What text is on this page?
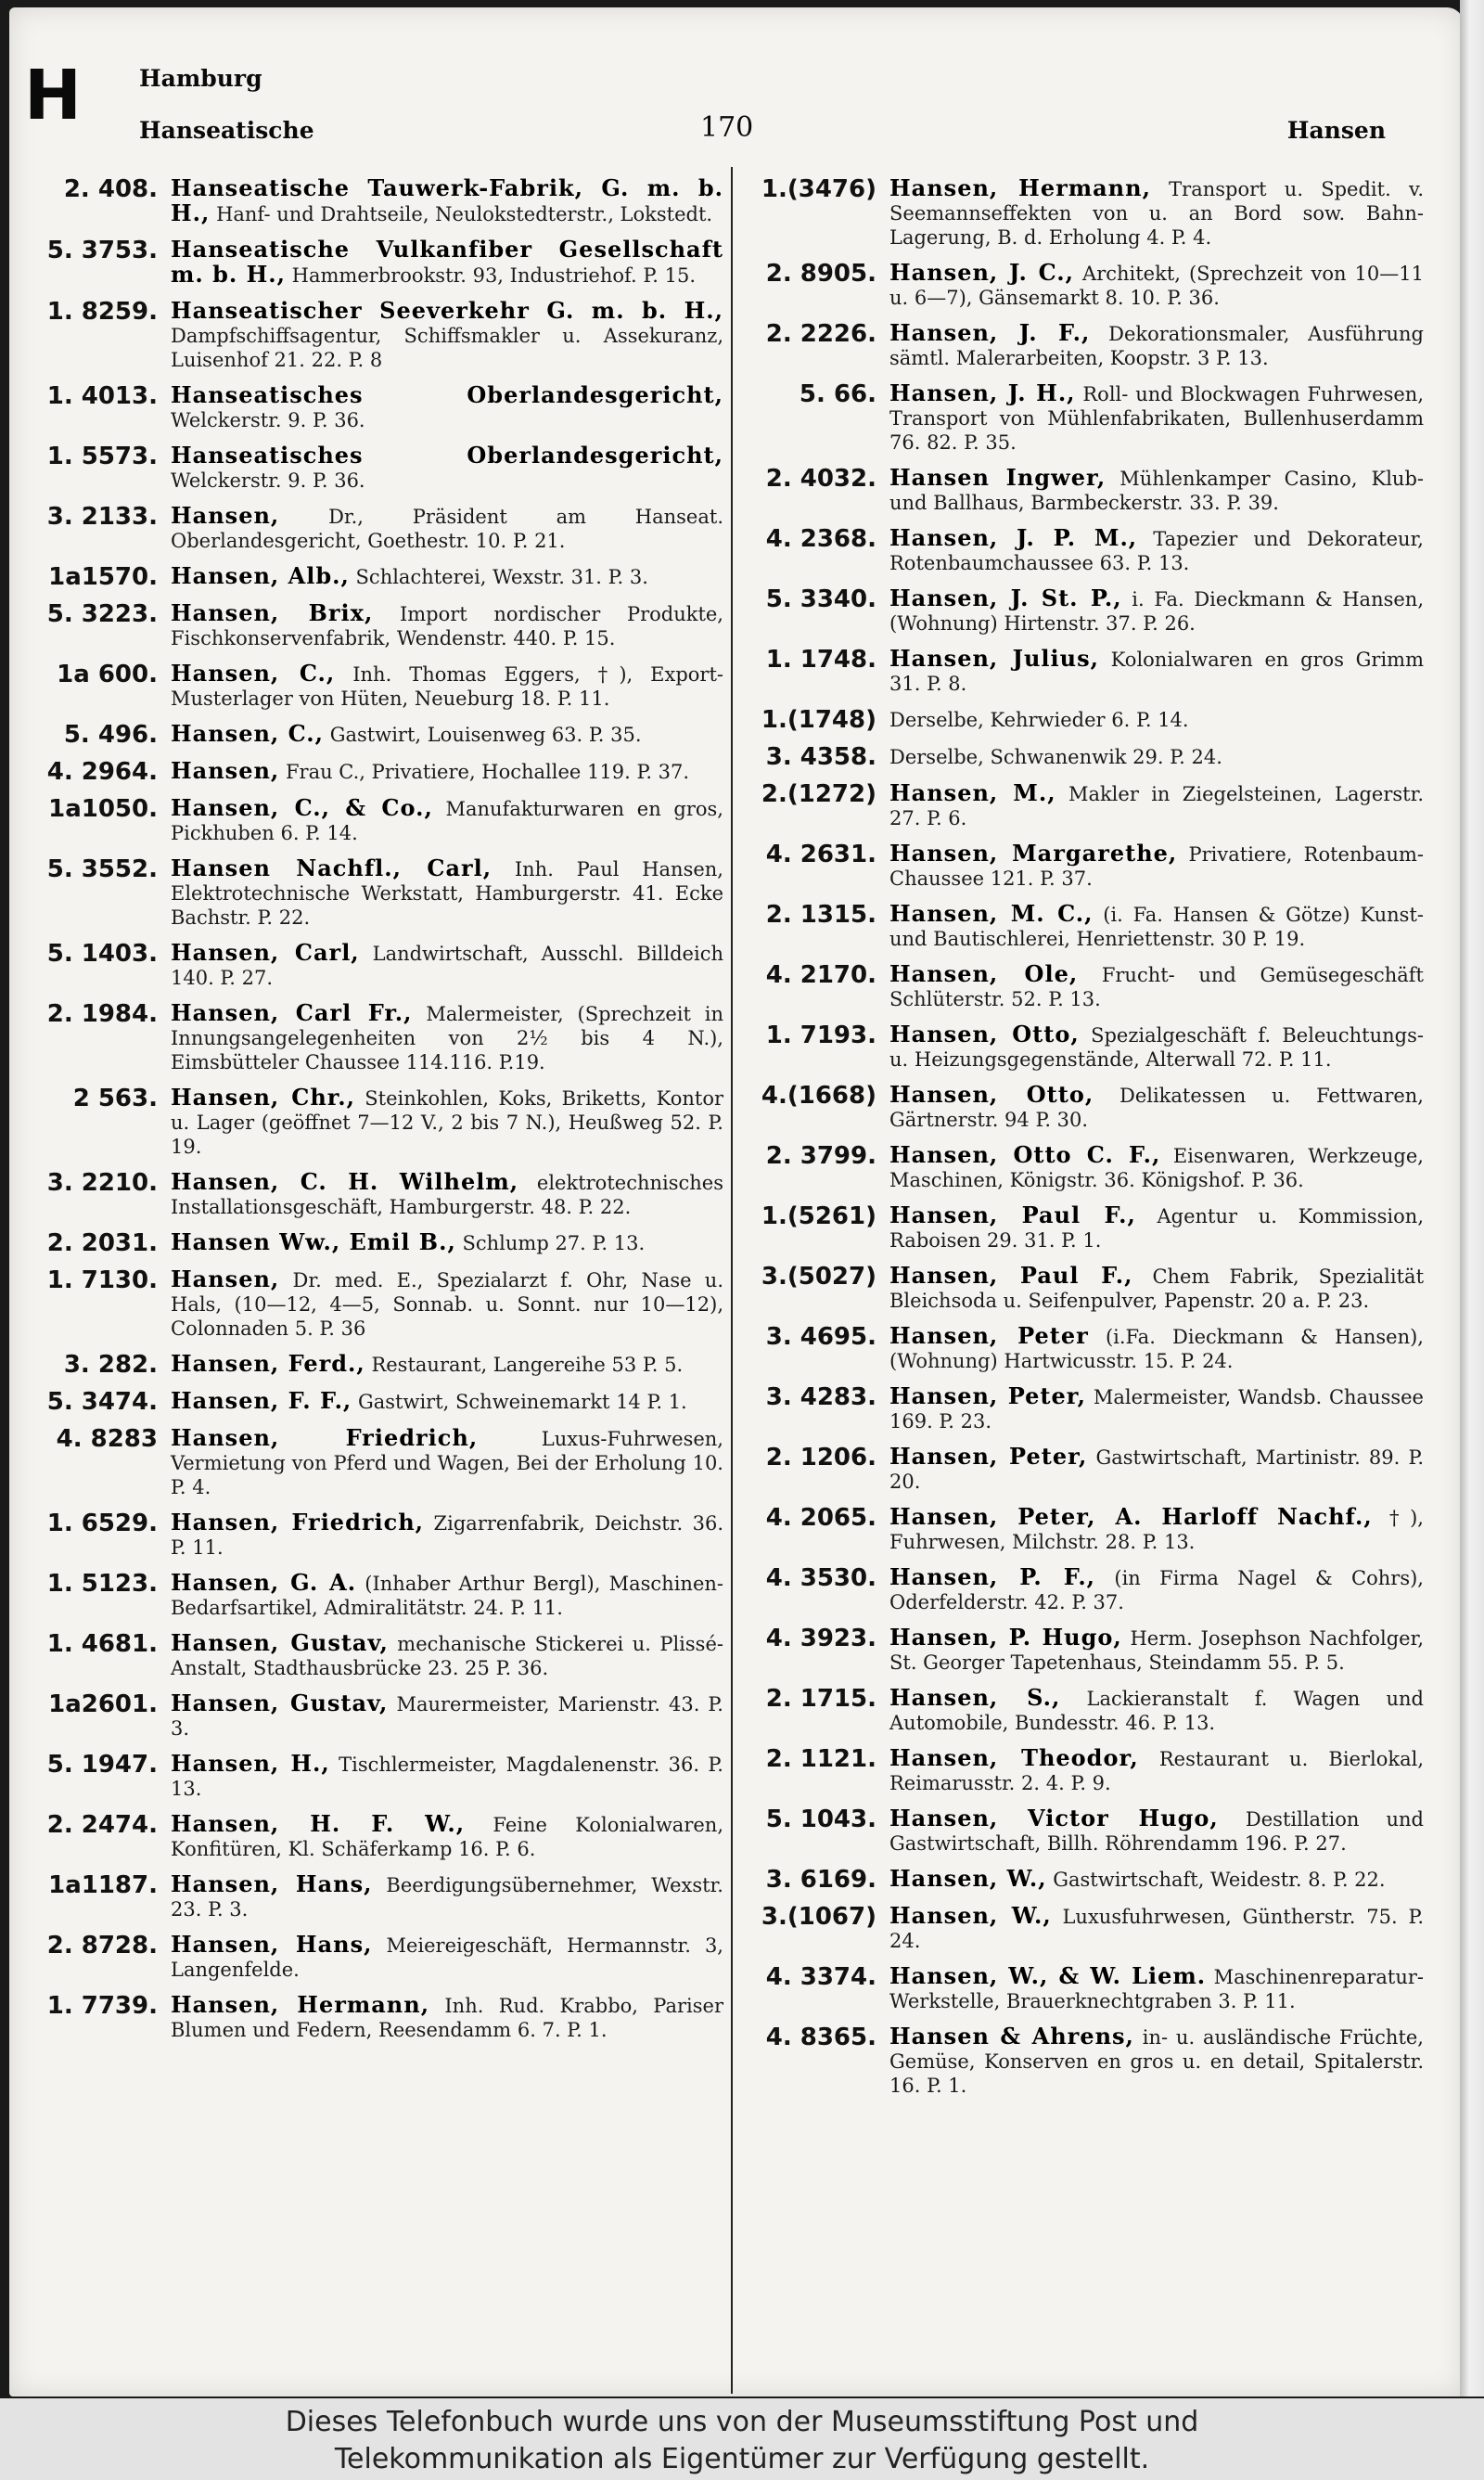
H Hamburg
Hanseatische	170	Hansen
2. 408. Hanseatische Tauwerk-Fabrik, G. m. b. H., Hanf- und Drahtseile, Neulokstedterstr., Lokstedt.
5. 3753. Hanseatische Vulkanfiber Gesellschaft m. b. H., Hammerbrookstr. 93, Industriehof. P. 15.
1. 8259. Hanseatischer Seeverkehr G. m. b. H., Dampfschiffsagentur, Schiffsmakler u. Assekuranz, Luisenhof 21. 22. P. 8
1. 4013. Hanseatisches Oberlandesgericht, Welckerstr. 9. P. 36.
1. 5573. Hanseatisches Oberlandesgericht, Welckerstr. 9. P. 36.
3. 2133. Hansen,	Dr., Präsident am Hanseat. Oberlandesgericht, Goethestr. 10. P. 21.
1a1570. Hansen, Alb., Schlachterei, Wexstr. 31. P. 3.
5. 3223. Hansen, Brix, Import nordischer Produkte, Fischkonservenfabrik, Wendenstr. 440. P. 15.
1a 600. Hansen, C., Inh. Thomas Eggers, †), Export-Musterlager von Hüten, Neueburg 18. P. 11.
5. 496. Hansen, C., Gastwirt, Louisenweg 63. P. 35.
4. 2964. Hansen, Frau C., Privatiere, Hochallee 119. P. 37.
1a1050. Hansen, C., & Co., Manufakturwaren en gros, Pickhuben 6. P. 14.
5. 3552. Hansen Nachfl., Carl, Inh. Paul Hansen, Elektrotechnische Werkstatt, Hamburgerstr. 41. Ecke Bachstr. P. 22.
5. 1403. Hansen, Carl, Landwirtschaft, Ausschl. Billdeich 140. P. 27.
2. 1984. Hansen, Carl Fr., Malermeister, (Sprechzeit in Innungsangelegenheiten von 2½ bis 4 N.), Eimsbütteler Chaussee 114.116. P.19.
2 563. Hansen, Chr., Steinkohlen, Koks, Briketts, Kontor u. Lager (geöffnet 7—12 V., 2 bis 7 N.), Heußweg 52. P. 19.
3. 2210. Hansen, C. H. Wilhelm, elektrotechnisches Installationsgeschäft, Hamburgerstr. 48. P. 22.
2. 2031. Hansen Ww., Emil B., Schlump 27. P. 13.
1. 7130. Hansen, Dr. med. E., Spezialarzt f. Ohr, Nase u. Hals, (10—12, 4—5, Sonnab. u. Sonnt. nur 10—12), Colonnaden 5. P. 36
3. 282. Hansen, Ferd., Restaurant, Langereihe 53 P. 5.
5. 3474. Hansen, F. F., Gastwirt, Schweinemarkt 14 P. 1.
4. 8283 Hansen, Friedrich,	Luxus-Fuhrwesen, Vermietung von Pferd und Wagen, Bei der Erholung 10. P. 4.
1. 6529. Hansen, Friedrich, Zigarrenfabrik, Deichstr. 36. P. 11.
1. 5123. Hansen, G. A. (Inhaber Arthur Bergl), Maschinen-Bedarfsartikel, Admiralitätstr. 24. P. 11.
1. 4681. Hansen, Gustav, mechanische Stickerei u. Plissé-Anstalt, Stadthausbrücke 23. 25 P. 36.
1a2601. Hansen, Gustav, Maurermeister, Marienstr. 43. P. 3.
5. 1947. Hansen, H., Tischlermeister, Magdalenenstr. 36. P. 13.
2. 2474. Hansen, H. F. W., Feine Kolonialwaren, Konfitüren, Kl. Schäferkamp 16. P. 6.
1a1187. Hansen, Hans, Beerdigungsübernehmer, Wexstr. 23. P. 3.
2. 8728. Hansen, Hans, Meiereigeschäft, Hermannstr. 3, Langenfelde.
1. 7739. Hansen, Hermann, Inh. Rud. Krabbo, Pariser Blumen und Federn, Reesendamm 6. 7. P. 1.
1.(3476) Hansen, Hermann, Transport u. Spedit. v. Seemannseffekten von u. an Bord sow. Bahn-Lagerung, B. d. Erholung 4. P. 4.
2. 8905. Hansen, J. C., Architekt, (Sprechzeit von 10—11 u. 6—7), Gänsemarkt 8. 10. P. 36.
2. 2226. Hansen, J. F., Dekorationsmaler, Ausführung sämtl. Malerarbeiten, Koopstr. 3 P. 13.
5. 66. Hansen, J. H., Roll- und Blockwagen Fuhrwesen, Transport von Mühlenfabrikaten, Bullenhuserdamm 76. 82. P. 35.
2. 4032. Hansen Ingwer, Mühlenkamper Casino, Klub- und Ballhaus, Barmbeckerstr. 33. P. 39.
4. 2368. Hansen, J. P. M., Tapezier und Dekorateur, Rotenbaumchaussee 63. P. 13.
5. 3340. Hansen, J. St. P., i. Fa. Dieckmann & Hansen, (Wohnung) Hirtenstr. 37. P. 26.
1. 1748. Hansen, Julius, Kolonialwaren en gros Grimm 31. P. 8.
1.(1748) Derselbe, Kehrwieder 6. P. 14.
3. 4358. Derselbe, Schwanenwik 29. P. 24.
2.(1272) Hansen, M., Makler in Ziegelsteinen, Lagerstr. 27. P. 6.
4. 2631. Hansen, Margarethe, Privatiere, Rotenbaum-Chaussee 121. P. 37.
2. 1315. Hansen, M. C., (i. Fa. Hansen & Götze) Kunst- und Bautischlerei, Henriettenstr. 30 P. 19.
4. 2170. Hansen, Ole, Frucht- und Gemüsegeschäft Schlüterstr. 52. P. 13.
1. 7193. Hansen, Otto, Spezialgeschäft f. Beleuchtungs- u. Heizungsgegenstände, Alterwall 72. P. 11.
4.(1668) Hansen, Otto, Delikatessen u. Fettwaren, Gärtnerstr. 94 P. 30.
2. 3799. Hansen, Otto C. F., Eisenwaren, Werkzeuge, Maschinen, Königstr. 36. Königshof. P. 36.
1.(5261) Hansen, Paul F., Agentur u. Kommission, Raboisen 29. 31. P. 1.
3.(5027) Hansen, Paul F., Chem Fabrik, Spezialität Bleichsoda u. Seifenpulver, Papenstr. 20 a. P. 23.
3. 4695. Hansen, Peter (i.Fa. Dieckmann & Hansen), (Wohnung) Hartwicusstr. 15. P. 24.
3. 4283. Hansen, Peter, Malermeister, Wandsb. Chaussee 169. P. 23.
2. 1206. Hansen, Peter, Gastwirtschaft, Martinistr. 89. P. 20.
4. 2065. Hansen, Peter, A. Harloff Nachf., †), Fuhrwesen, Milchstr. 28. P. 13.
4. 3530. Hansen, P. F., (in Firma Nagel & Cohrs), Oderfelderstr. 42. P. 37.
4. 3923. Hansen, P. Hugo, Herm. Josephson Nachfolger, St. Georger Tapetenhaus, Steindamm 55. P. 5.
2. 1715. Hansen, S., Lackieranstalt f. Wagen und Automobile, Bundesstr. 46. P. 13.
2. 1121. Hansen, Theodor, Restaurant u. Bierlokal, Reimarusstr. 2. 4. P. 9.
5. 1043. Hansen, Victor Hugo, Destillation und Gastwirtschaft, Billh. Röhrendamm 196. P. 27.
3. 6169. Hansen, W., Gastwirtschaft, Weidestr. 8. P. 22.
3.(1067) Hansen, W., Luxusfuhrwesen, Güntherstr. 75. P. 24.
4. 3374. Hansen, W., & W. Liem. Maschinenreparatur-Werkstelle, Brauerknechtgraben 3. P. 11.
4. 8365. Hansen & Ahrens, in- u. ausländische Früchte, Gemüse, Konserven en gros u. en detail, Spitalerstr. 16. P. 1.
Dieses Telefonbuch wurde uns von der Museumsstiftung Post und
Telekommunikation als Eigentümer zur Verfügung gestellt.
